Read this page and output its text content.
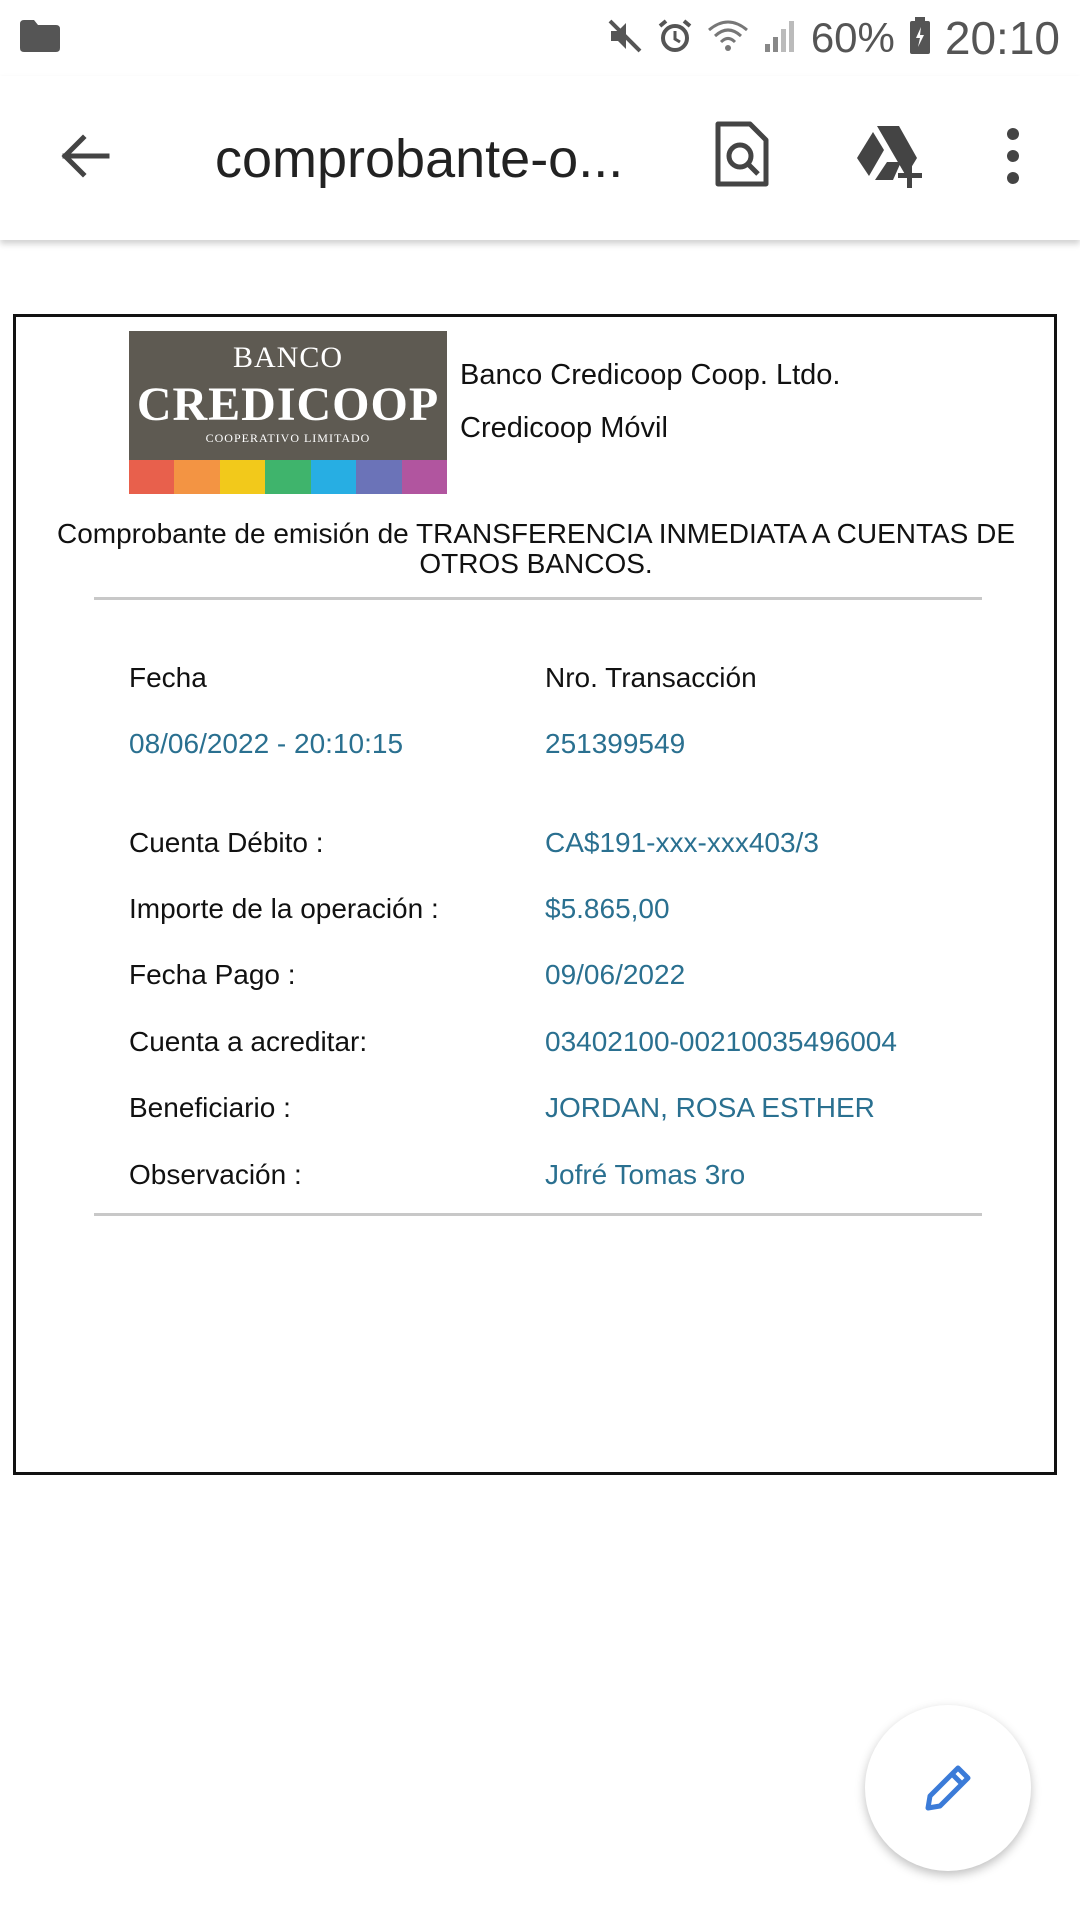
60% 20:10
comprobante-o...
BANCO
CREDICOOP
COOPERATIVO LIMITADO
Banco Credicoop Coop. Ltdo.
Credicoop Móvil
Comprobante de emisión de TRANSFERENCIA INMEDIATA A CUENTAS DE OTROS BANCOS.
Fecha	Nro. Transacción
08/06/2022 - 20:10:15	251399549
Cuenta Débito :	CA$191-xxx-xxx403/3
Importe de la operación :	$5.865,00
Fecha Pago :	09/06/2022
Cuenta a acreditar:	03402100-00210035496004
Beneficiario :	JORDAN, ROSA ESTHER
Observación :	Jofré Tomas 3ro
